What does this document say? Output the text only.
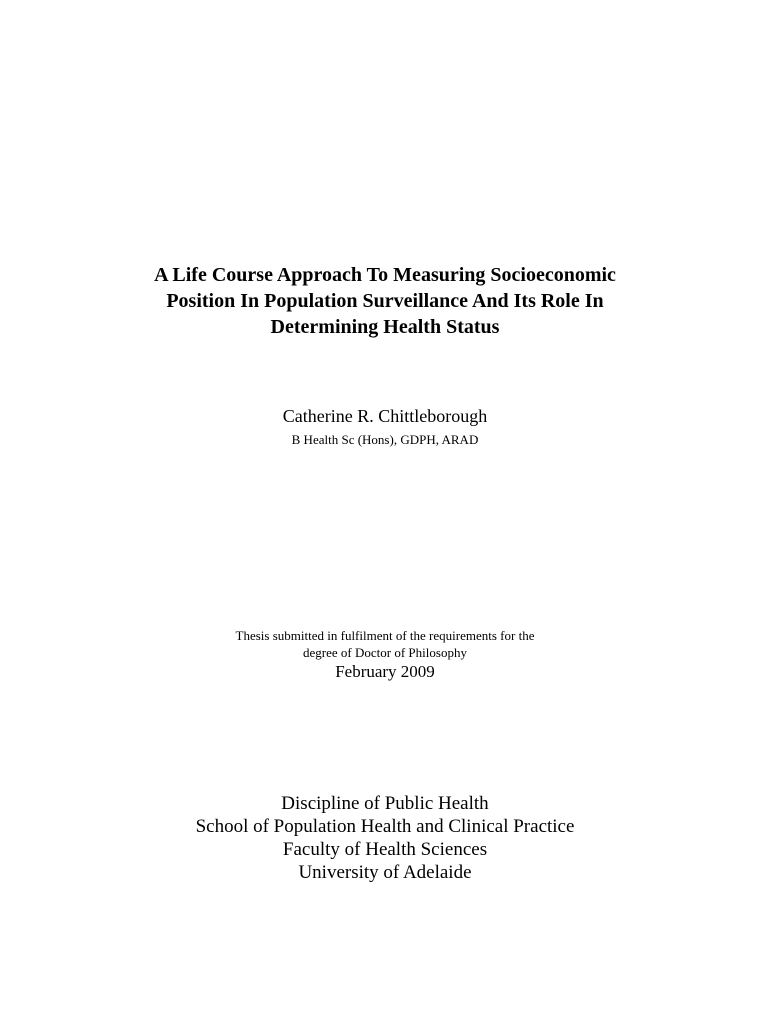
A Life Course Approach To Measuring Socioeconomic
Position In Population Surveillance And Its Role In
Determining Health Status
Catherine R. Chittleborough
B Health Sc (Hons), GDPH, ARAD
Thesis submitted in fulfilment of the requirements for the
degree of Doctor of Philosophy
February 2009
Discipline of Public Health
School of Population Health and Clinical Practice
Faculty of Health Sciences
University of Adelaide
